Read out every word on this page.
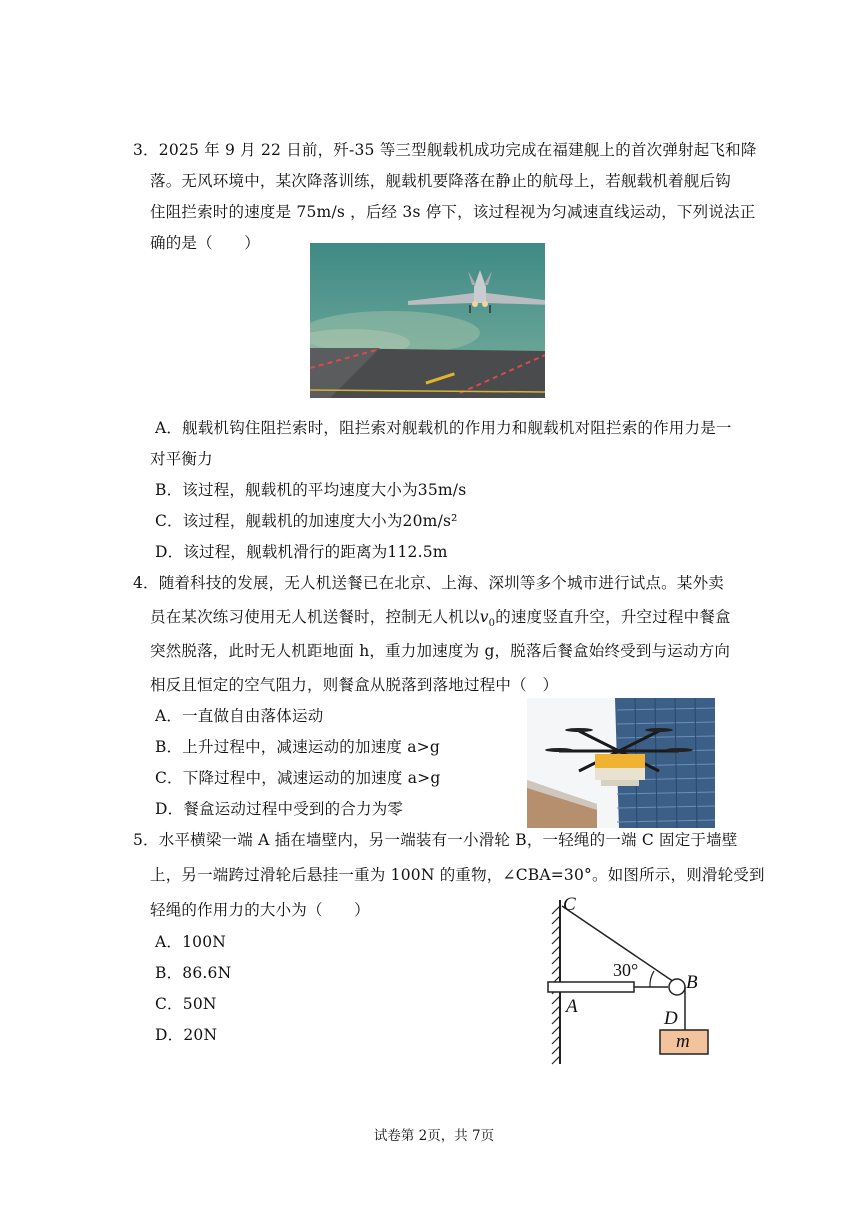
3．2025 年 9 月 22 日前，歼-35 等三型舰载机成功完成在福建舰上的首次弹射起飞和降
落。无风环境中，某次降落训练，舰载机要降落在静止的航母上，若舰载机着舰后钩
住阻拦索时的速度是 75m/s ，后经 3s 停下，该过程视为匀减速直线运动，下列说法正
确的是（　　）
A．舰载机钩住阻拦索时，阻拦索对舰载机的作用力和舰载机对阻拦索的作用力是一
对平衡力
B．该过程，舰载机的平均速度大小为35m/s
C．该过程，舰载机的加速度大小为20m/s²
D．该过程，舰载机滑行的距离为112.5m
4．随着科技的发展，无人机送餐已在北京、上海、深圳等多个城市进行试点。某外卖
员在某次练习使用无人机送餐时，控制无人机以$v_0$的速度竖直升空，升空过程中餐盒
突然脱落，此时无人机距地面 h，重力加速度为 g，脱落后餐盒始终受到与运动方向
相反且恒定的空气阻力，则餐盒从脱落到落地过程中（　）
A．一直做自由落体运动
B．上升过程中，减速运动的加速度 a>g
C．下降过程中，减速运动的加速度 a>g
D．餐盒运动过程中受到的合力为零
5．水平横梁一端 A 插在墙壁内，另一端装有一小滑轮 B，一轻绳的一端 C 固定于墙壁
上，另一端跨过滑轮后悬挂一重为 100N 的重物，∠CBA=30°。如图所示，则滑轮受到
轻绳的作用力的大小为（　　）
A．100N
B．86.6N
C．50N
D．20N
C
30°
B
A
D
m
试卷第 2页，共 7页
